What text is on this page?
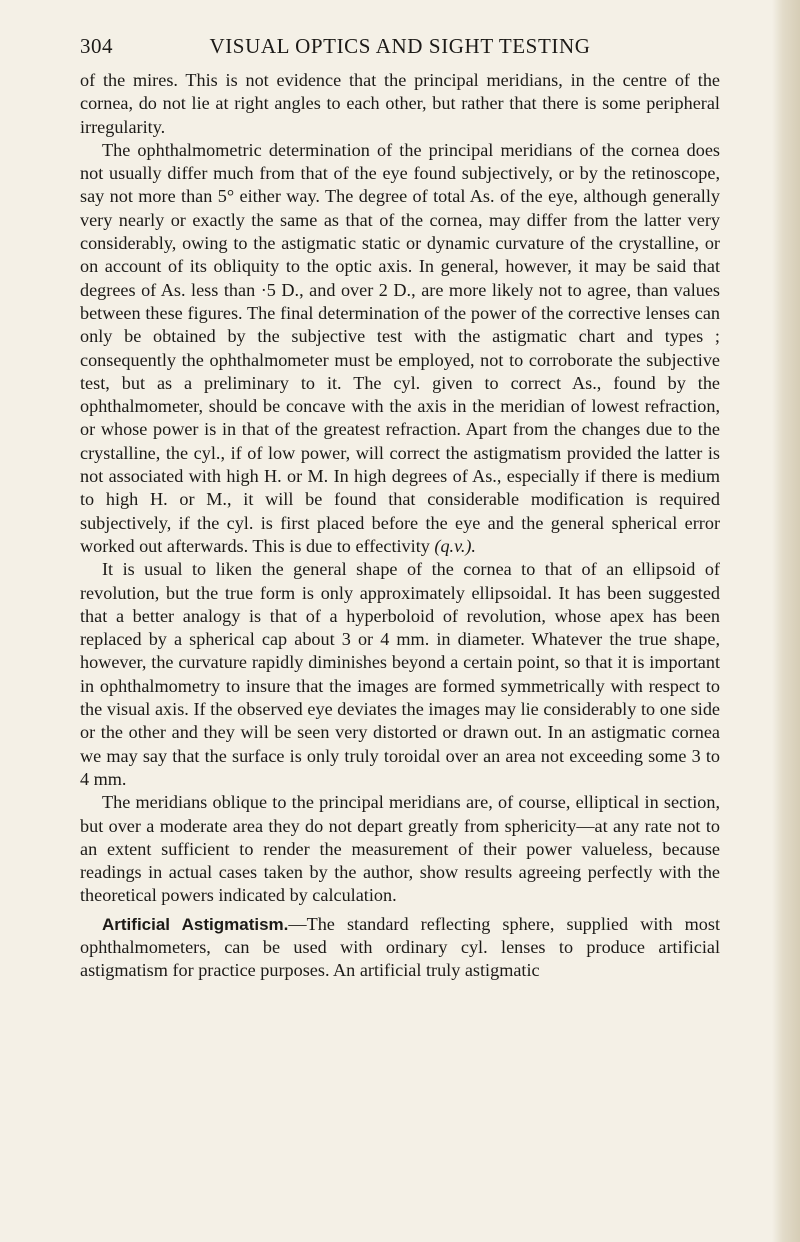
304	VISUAL OPTICS AND SIGHT TESTING

of the mires. This is not evidence that the principal meridians, in the centre of the cornea, do not lie at right angles to each other, but rather that there is some peripheral irregularity.

The ophthalmometric determination of the principal meridians of the cornea does not usually differ much from that of the eye found subjectively, or by the retinoscope, say not more than 5° either way. The degree of total As. of the eye, although generally very nearly or exactly the same as that of the cornea, may differ from the latter very considerably, owing to the astigmatic static or dynamic curvature of the crystalline, or on account of its obliquity to the optic axis. In general, however, it may be said that degrees of As. less than ·5 D., and over 2 D., are more likely not to agree, than values between these figures. The final determination of the power of the corrective lenses can only be obtained by the subjective test with the astigmatic chart and types ; consequently the ophthalmometer must be employed, not to corroborate the subjective test, but as a preliminary to it. The cyl. given to correct As., found by the ophthalmometer, should be concave with the axis in the meridian of lowest refraction, or whose power is in that of the greatest refraction. Apart from the changes due to the crystalline, the cyl., if of low power, will correct the astigmatism provided the latter is not associated with high H. or M. In high degrees of As., especially if there is medium to high H. or M., it will be found that considerable modification is required subjectively, if the cyl. is first placed before the eye and the general spherical error worked out afterwards. This is due to effectivity (q.v.).

It is usual to liken the general shape of the cornea to that of an ellipsoid of revolution, but the true form is only approximately ellipsoidal. It has been suggested that a better analogy is that of a hyperboloid of revolution, whose apex has been replaced by a spherical cap about 3 or 4 mm. in diameter. Whatever the true shape, however, the curvature rapidly diminishes beyond a certain point, so that it is important in ophthalmometry to insure that the images are formed symmetrically with respect to the visual axis. If the observed eye deviates the images may lie considerably to one side or the other and they will be seen very distorted or drawn out. In an astigmatic cornea we may say that the surface is only truly toroidal over an area not exceeding some 3 to 4 mm.

The meridians oblique to the principal meridians are, of course, elliptical in section, but over a moderate area they do not depart greatly from sphericity—at any rate not to an extent sufficient to render the measurement of their power valueless, because readings in actual cases taken by the author, show results agreeing perfectly with the theoretical powers indicated by calculation.

Artificial Astigmatism.—The standard reflecting sphere, supplied with most ophthalmometers, can be used with ordinary cyl. lenses to produce artificial astigmatism for practice purposes. An artificial truly astigmatic
